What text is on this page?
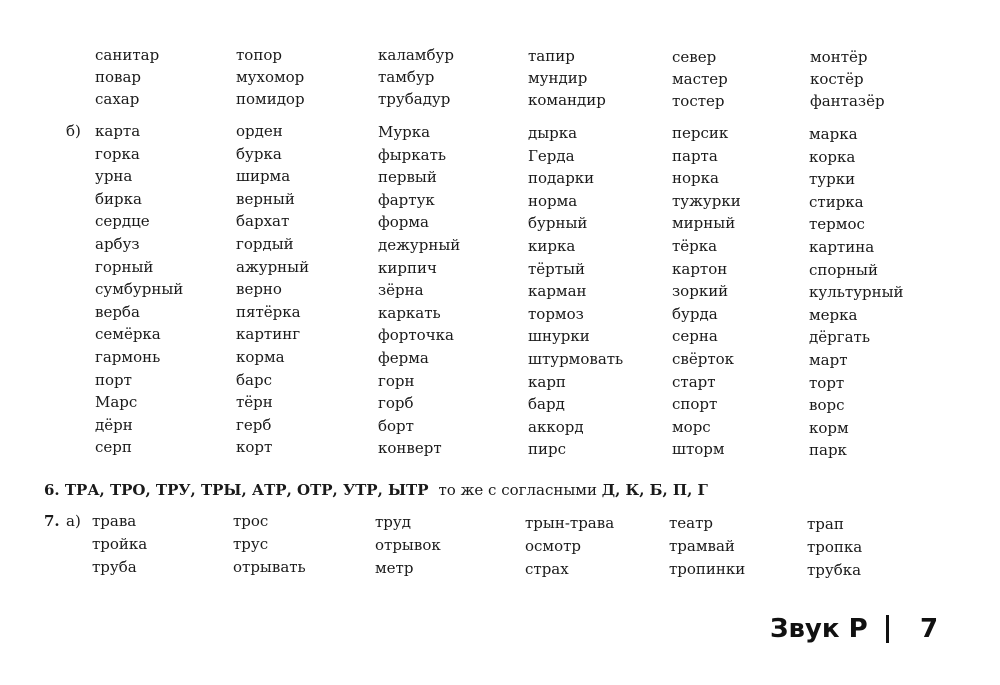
санитар
повар
сахар
топор
мухомор
помидор
каламбур
тамбур
трубадур
тапир
мундир
командир
север
мастер
тостер
монтёр
костёр
фантазёр
б) карта
горка
урна
бирка
сердце
арбуз
горный
сумбурный
верба
семёрка
гармонь
порт
Марс
дёрн
серп
орден
бурка
ширма
верный
бархат
гордый
ажурный
верно
пятёрка
картинг
корма
барс
тёрн
герб
корт
Мурка
фыркать
первый
фартук
форма
дежурный
кирпич
зёрна
каркать
форточка
ферма
горн
горб
борт
конверт
дырка
Герда
подарки
норма
бурный
кирка
тёртый
карман
тормоз
шнурки
штурмовать
карп
бард
аккорд
пирс
персик
парта
норка
тужурки
мирный
тёрка
картон
зоркий
бурда
серна
свёрток
старт
спорт
морс
шторм
марка
корка
турки
стирка
термос
картина
спорный
культурный
мерка
дёргать
март
торт
ворс
корм
парк
6. ТРА, ТРО, ТРУ, ТРЫ, АТР, ОТР, УТР, ЫТР то же с согласными Д, К, Б, П, Г
7. а) трава
тройка
труба
трос
трус
отрывать
труд
отрывок
метр
трын-трава
осмотр
страх
театр
трамвай
тропинки
трап
тропка
трубка
Звук Р 7
